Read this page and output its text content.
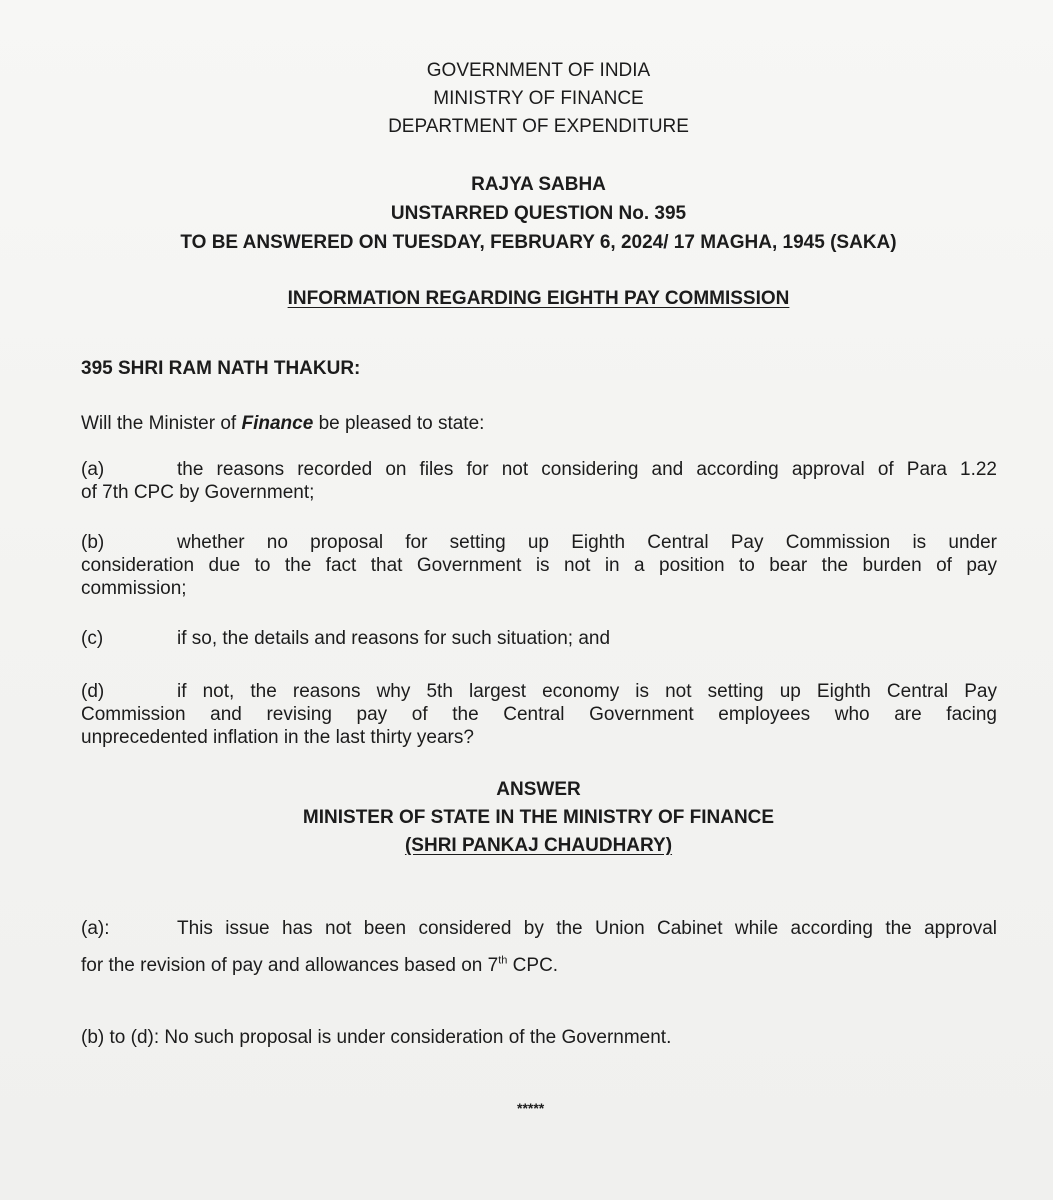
GOVERNMENT OF INDIA
MINISTRY OF FINANCE
DEPARTMENT OF EXPENDITURE
RAJYA SABHA
UNSTARRED QUESTION No. 395
TO BE ANSWERED ON TUESDAY, FEBRUARY 6, 2024/ 17 MAGHA, 1945 (SAKA)
INFORMATION REGARDING EIGHTH PAY COMMISSION
395 SHRI RAM NATH THAKUR:
Will the Minister of Finance be pleased to state:
(a)	the reasons recorded on files for not considering and according approval of Para 1.22
of 7th CPC by Government;
(b)	whether no proposal for setting up Eighth Central Pay Commission is under
consideration due to the fact that Government is not in a position to bear the burden of pay
commission;
(c)	if so, the details and reasons for such situation; and
(d)	if not, the reasons why 5th largest economy is not setting up Eighth Central Pay
Commission and revising pay of the Central Government employees who are facing
unprecedented inflation in the last thirty years?
ANSWER
MINISTER OF STATE IN THE MINISTRY OF FINANCE
(SHRI PANKAJ CHAUDHARY)
(a):	This issue has not been considered by the Union Cabinet while according the approval
for the revision of pay and allowances based on 7th CPC.
(b) to (d): No such proposal is under consideration of the Government.
*****
